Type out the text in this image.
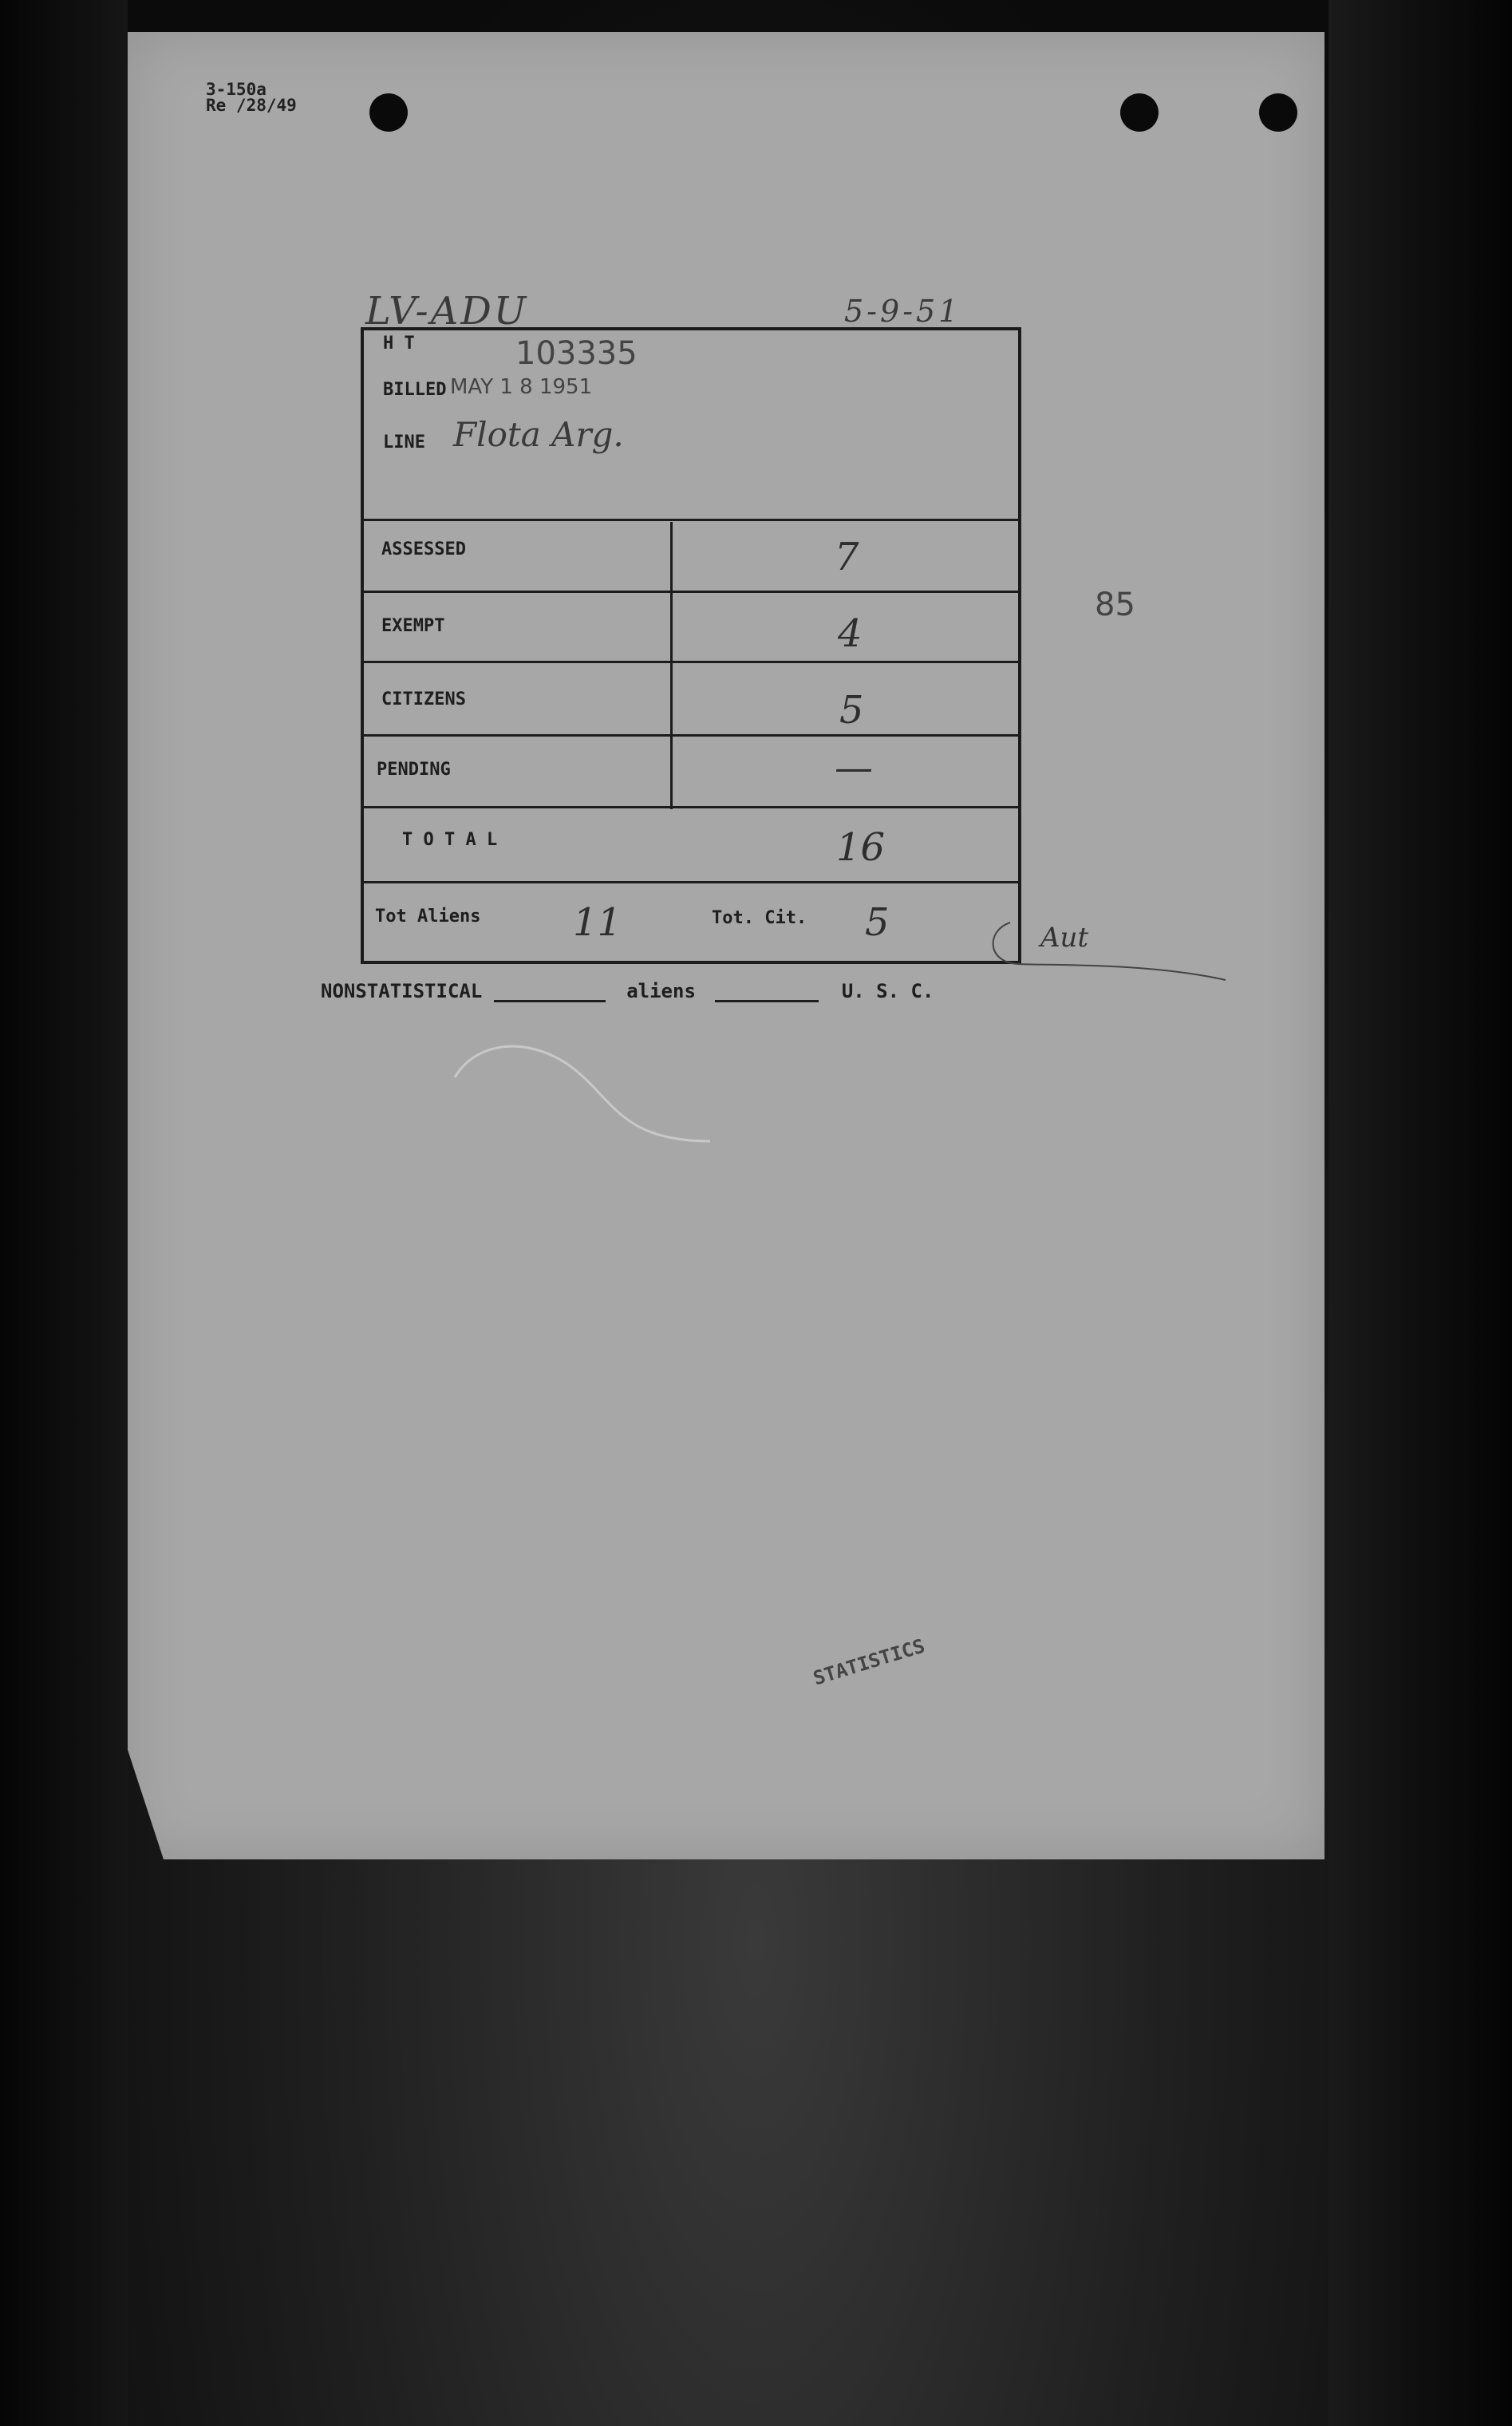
3-150a
Re /28/49
LV-ADU	5-9-51
85
H T	103335
BILLED MAY 1 8 1951
LINE Flota Arg.
ASSESSED	7
EXEMPT	4
CITIZENS	5
PENDING	—
T O T A L	16
Tot Aliens 11	Tot. Cit. 5	Aut
NONSTATISTICAL	aliens	U. S. C.
STATISTICS
